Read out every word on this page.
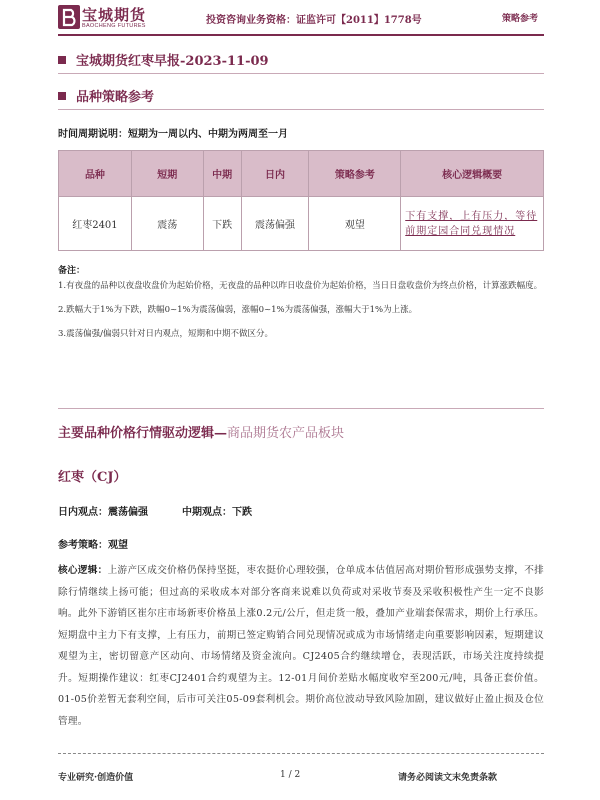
宝城期货
BAOCHENG FUTURES	投资咨询业务资格：证监许可【2011】1778号	策略参考
宝城期货红枣早报-2023-11-09
品种策略参考
时间周期说明：短期为一周以内、中期为两周至一月
品种	短期	中期	日内	策略参考	核心逻辑概要
红枣2401	震荡	下跌	震荡偏强	观望	下有支撑，上有压力，等待前期定园合同兑现情况
备注：

1.有夜盘的品种以夜盘收盘价为起始价格，无夜盘的品种以昨日收盘价为起始价格，当日日盘收盘价为终点价格，计算涨跌幅度。

2.跌幅大于1%为下跌，跌幅0~1%为震荡偏弱，涨幅0~1%为震荡偏强，涨幅大于1%为上涨。

3.震荡偏强/偏弱只针对日内观点，短期和中期不做区分。

主要品种价格行情驱动逻辑—商品期货农产品板块
红枣（CJ）
日内观点：震荡偏强	中期观点：下跌
参考策略：观望
核心逻辑：上游产区成交价格仍保持坚挺，枣农挺价心理较强，仓单成本估值居高对期价暂形成强势支撑，不排除行情继续上扬可能；但过高的采收成本对部分客商来说难以负荷或对采收节奏及采收积极性产生一定不良影响。此外下游销区崔尔庄市场新枣价格虽上涨0.2元/公斤，但走货一般，叠加产业端套保需求，期价上行承压。短期盘中主力下有支撑，上有压力，前期已签定购销合同兑现情况或成为市场情绪走向重要影响因素，短期建议观望为主，密切留意产区动向、市场情绪及资金流向。CJ2405合约继续增仓，表现活跃，市场关注度持续提升。短期操作建议：红枣CJ2401合约观望为主。12-01月间价差贴水幅度收窄至200元/吨，具备正套价值。01-05价差暂无套利空间，后市可关注05-09套利机会。期价高位波动导致风险加剧，建议做好止盈止损及仓位管理。
专业研究·创造价值	1 / 2	请务必阅读文末免责条款
